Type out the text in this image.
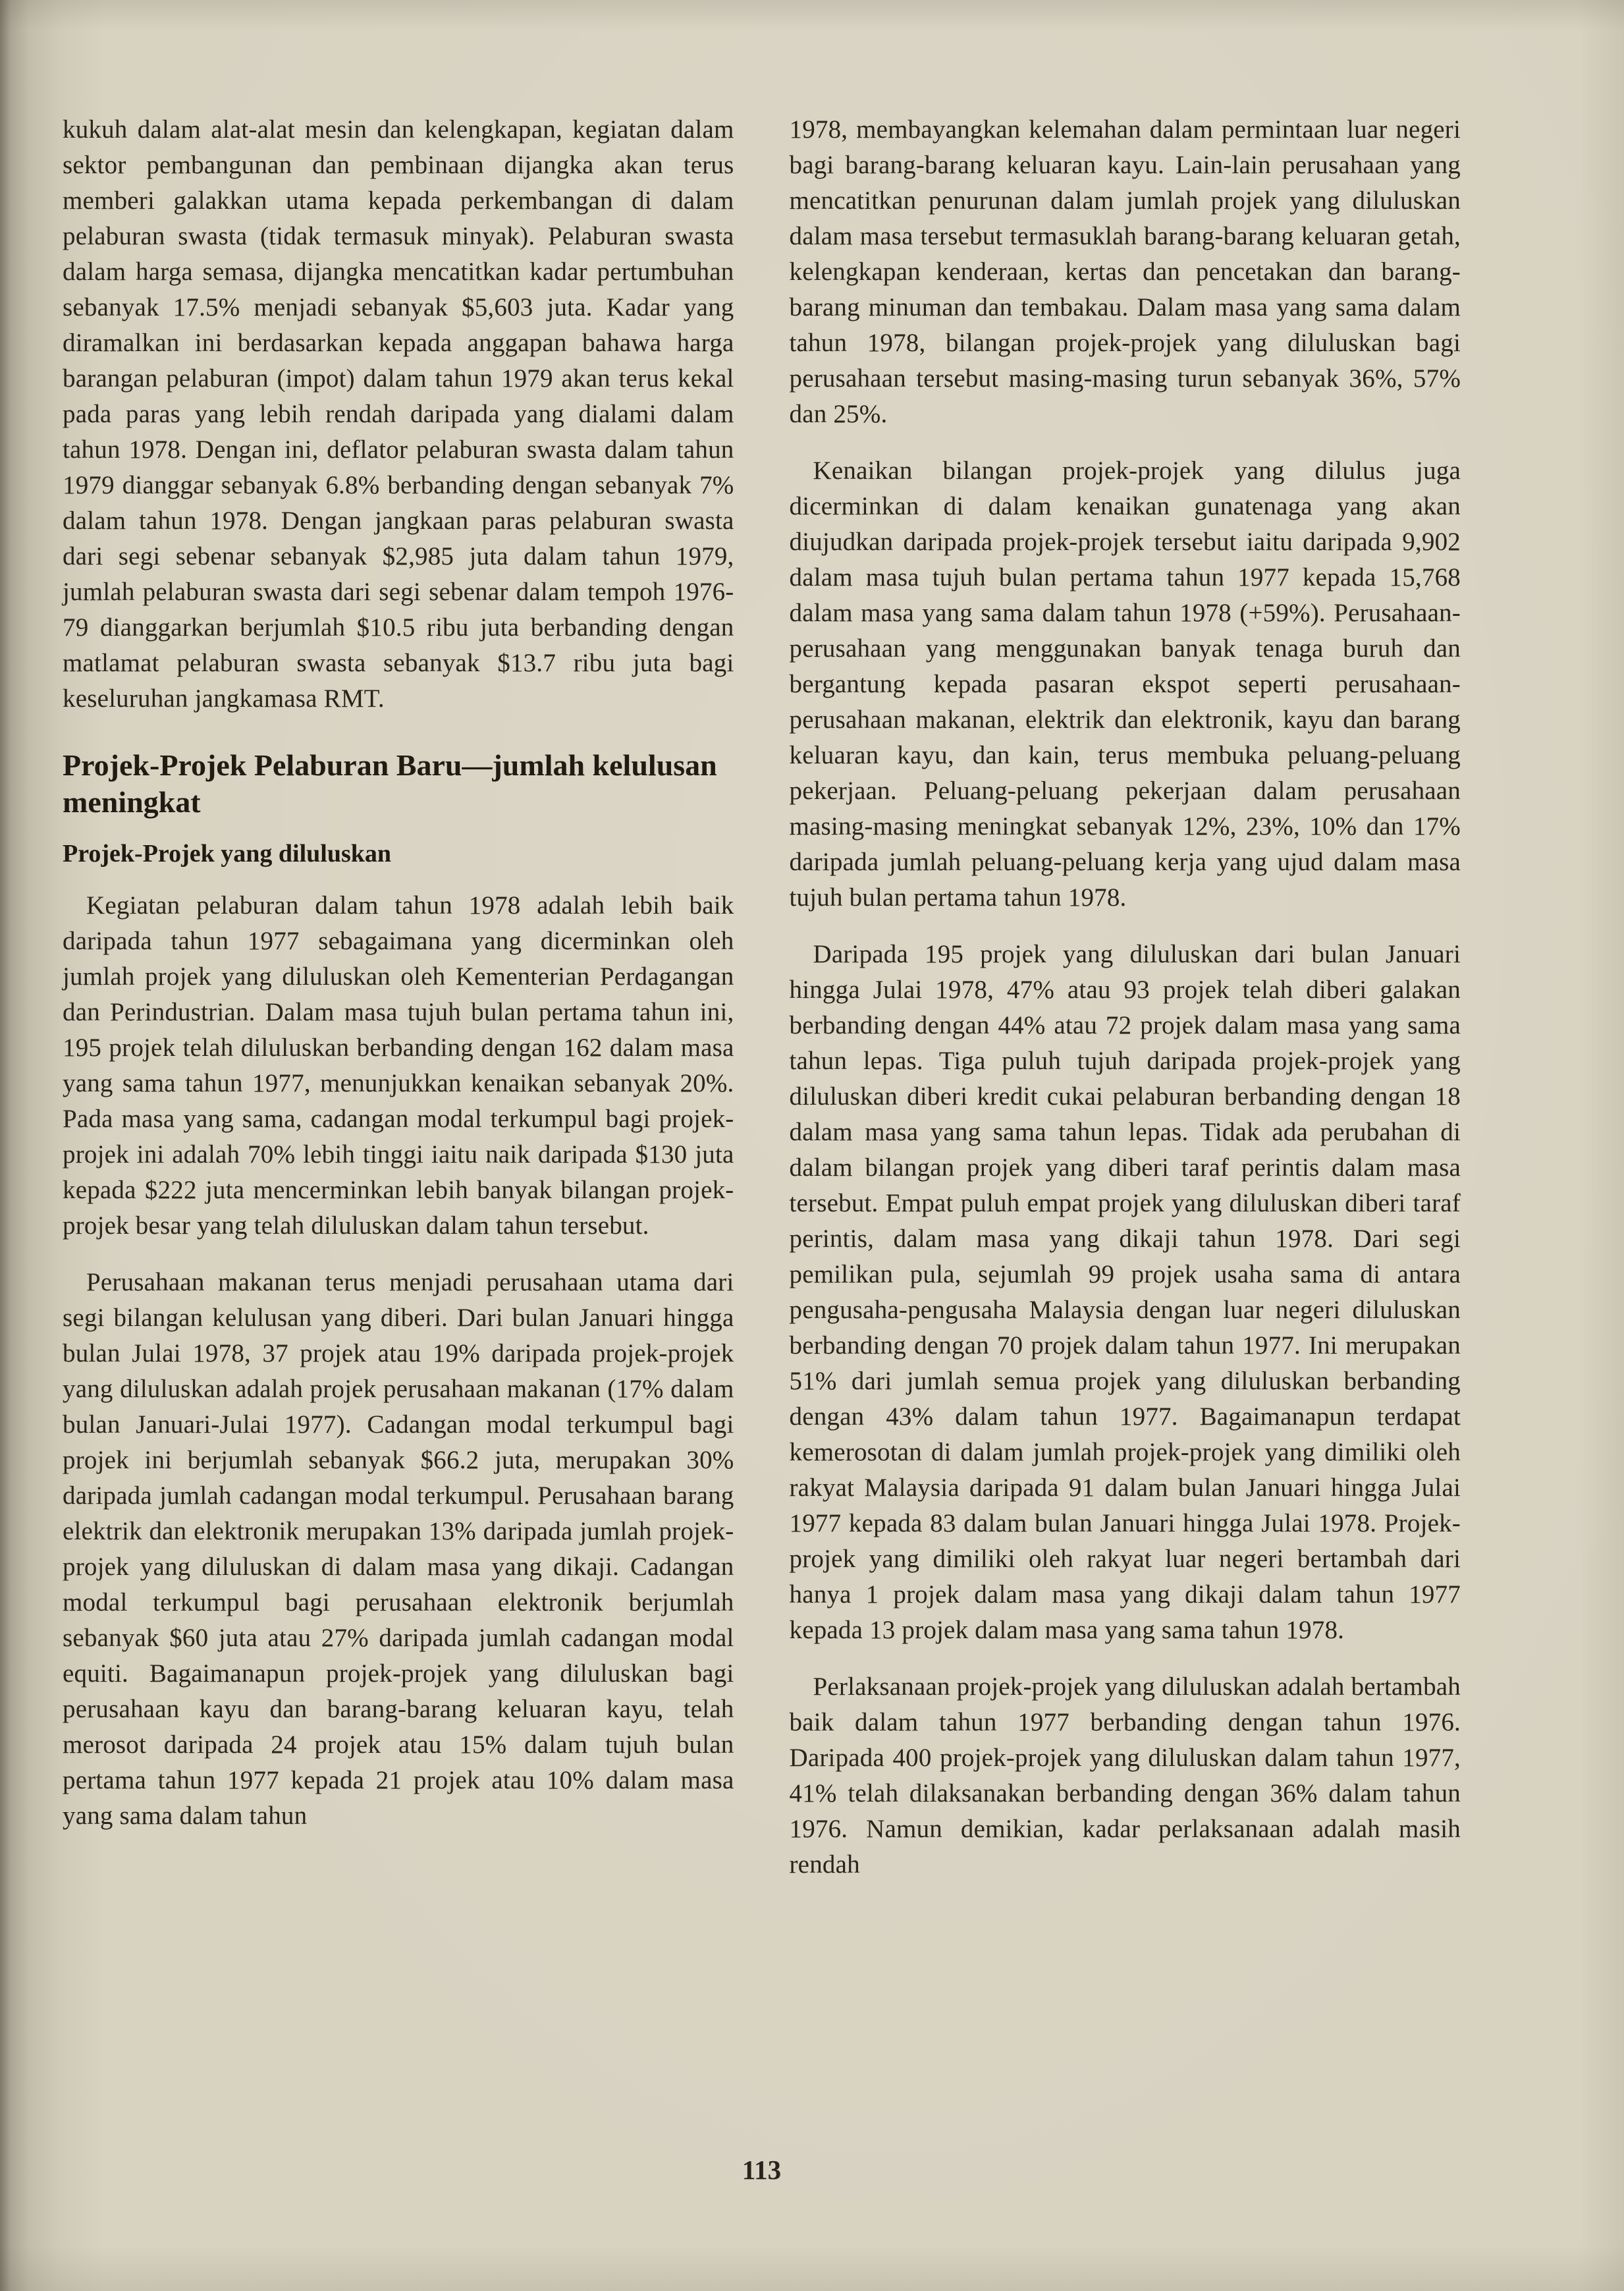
kukuh dalam alat-alat mesin dan kelengkapan, kegiatan dalam sektor pembangunan dan pembinaan dijangka akan terus memberi galakkan utama kepada perkembangan di dalam pelaburan swasta (tidak termasuk minyak). Pelaburan swasta dalam harga semasa, dijangka mencatitkan kadar pertumbuhan sebanyak 17.5% menjadi sebanyak $5,603 juta. Kadar yang diramalkan ini berdasarkan kepada anggapan bahawa harga barangan pelaburan (impot) dalam tahun 1979 akan terus kekal pada paras yang lebih rendah daripada yang dialami dalam tahun 1978. Dengan ini, deflator pelaburan swasta dalam tahun 1979 dianggar sebanyak 6.8% berbanding dengan sebanyak 7% dalam tahun 1978. Dengan jangkaan paras pelaburan swasta dari segi sebenar sebanyak $2,985 juta dalam tahun 1979, jumlah pelaburan swasta dari segi sebenar dalam tempoh 1976-79 dianggarkan berjumlah $10.5 ribu juta berbanding dengan matlamat pelaburan swasta sebanyak $13.7 ribu juta bagi keseluruhan jangkamasa RMT.

Projek-Projek Pelaburan Baru—jumlah kelulusan meningkat
Projek-Projek yang diluluskan

Kegiatan pelaburan dalam tahun 1978 adalah lebih baik daripada tahun 1977 sebagaimana yang dicerminkan oleh jumlah projek yang diluluskan oleh Kementerian Perdagangan dan Perindustrian. Dalam masa tujuh bulan pertama tahun ini, 195 projek telah diluluskan berbanding dengan 162 dalam masa yang sama tahun 1977, menunjukkan kenaikan sebanyak 20%. Pada masa yang sama, cadangan modal terkumpul bagi projek-projek ini adalah 70% lebih tinggi iaitu naik daripada $130 juta kepada $222 juta mencerminkan lebih banyak bilangan projek-projek besar yang telah diluluskan dalam tahun tersebut.

Perusahaan makanan terus menjadi perusahaan utama dari segi bilangan kelulusan yang diberi. Dari bulan Januari hingga bulan Julai 1978, 37 projek atau 19% daripada projek-projek yang diluluskan adalah projek perusahaan makanan (17% dalam bulan Januari-Julai 1977). Cadangan modal terkumpul bagi projek ini berjumlah sebanyak $66.2 juta, merupakan 30% daripada jumlah cadangan modal terkumpul. Perusahaan barang elektrik dan elektronik merupakan 13% daripada jumlah projek-projek yang diluluskan di dalam masa yang dikaji. Cadangan modal terkumpul bagi perusahaan elektronik berjumlah sebanyak $60 juta atau 27% daripada jumlah cadangan modal equiti. Bagaimanapun projek-projek yang diluluskan bagi perusahaan kayu dan barang-barang keluaran kayu, telah merosot daripada 24 projek atau 15% dalam tujuh bulan pertama tahun 1977 kepada 21 projek atau 10% dalam masa yang sama dalam tahun

1978, membayangkan kelemahan dalam permintaan luar negeri bagi barang-barang keluaran kayu. Lain-lain perusahaan yang mencatitkan penurunan dalam jumlah projek yang diluluskan dalam masa tersebut termasuklah barang-barang keluaran getah, kelengkapan kenderaan, kertas dan pencetakan dan barang-barang minuman dan tembakau. Dalam masa yang sama dalam tahun 1978, bilangan projek-projek yang diluluskan bagi perusahaan tersebut masing-masing turun sebanyak 36%, 57% dan 25%.

Kenaikan bilangan projek-projek yang dilulus juga dicerminkan di dalam kenaikan gunatenaga yang akan diujudkan daripada projek-projek tersebut iaitu daripada 9,902 dalam masa tujuh bulan pertama tahun 1977 kepada 15,768 dalam masa yang sama dalam tahun 1978 (+59%). Perusahaan-perusahaan yang menggunakan banyak tenaga buruh dan bergantung kepada pasaran ekspot seperti perusahaan-perusahaan makanan, elektrik dan elektronik, kayu dan barang keluaran kayu, dan kain, terus membuka peluang-peluang pekerjaan. Peluang-peluang pekerjaan dalam perusahaan masing-masing meningkat sebanyak 12%, 23%, 10% dan 17% daripada jumlah peluang-peluang kerja yang ujud dalam masa tujuh bulan pertama tahun 1978.

Daripada 195 projek yang diluluskan dari bulan Januari hingga Julai 1978, 47% atau 93 projek telah diberi galakan berbanding dengan 44% atau 72 projek dalam masa yang sama tahun lepas. Tiga puluh tujuh daripada projek-projek yang diluluskan diberi kredit cukai pelaburan berbanding dengan 18 dalam masa yang sama tahun lepas. Tidak ada perubahan di dalam bilangan projek yang diberi taraf perintis dalam masa tersebut. Empat puluh empat projek yang diluluskan diberi taraf perintis, dalam masa yang dikaji tahun 1978. Dari segi pemilikan pula, sejumlah 99 projek usaha sama di antara pengusaha-pengusaha Malaysia dengan luar negeri diluluskan berbanding dengan 70 projek dalam tahun 1977. Ini merupakan 51% dari jumlah semua projek yang diluluskan berbanding dengan 43% dalam tahun 1977. Bagaimanapun terdapat kemerosotan di dalam jumlah projek-projek yang dimiliki oleh rakyat Malaysia daripada 91 dalam bulan Januari hingga Julai 1977 kepada 83 dalam bulan Januari hingga Julai 1978. Projek-projek yang dimiliki oleh rakyat luar negeri bertambah dari hanya 1 projek dalam masa yang dikaji dalam tahun 1977 kepada 13 projek dalam masa yang sama tahun 1978.

Perlaksanaan projek-projek yang diluluskan adalah bertambah baik dalam tahun 1977 berbanding dengan tahun 1976. Daripada 400 projek-projek yang diluluskan dalam tahun 1977, 41% telah dilaksanakan berbanding dengan 36% dalam tahun 1976. Namun demikian, kadar perlaksanaan adalah masih rendah

113
